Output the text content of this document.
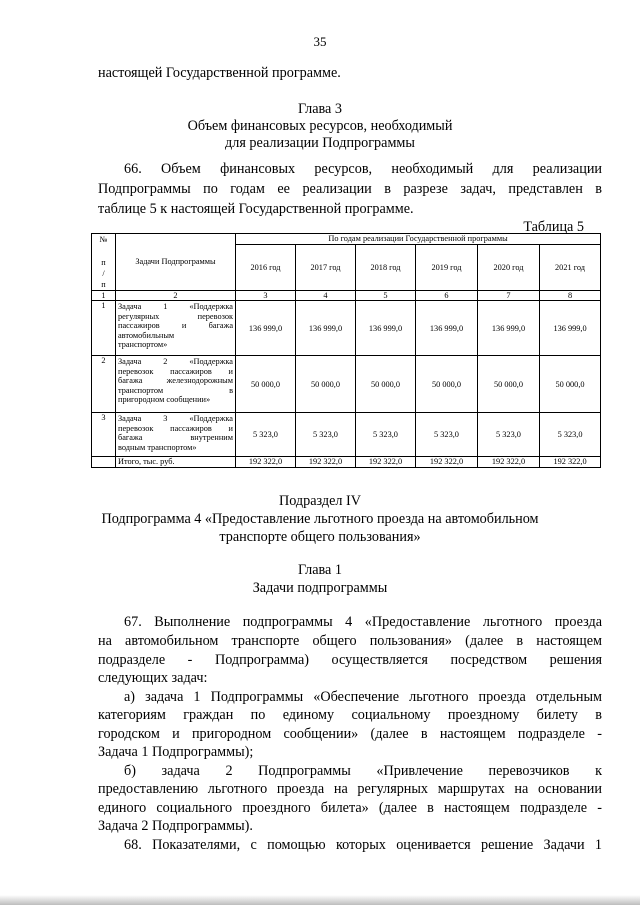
35
настоящей Государственной программе.
Глава 3
Объем финансовых ресурсов, необходимый
для реализации Подпрограммы
66. Объем финансовых ресурсов, необходимый для реализации
Подпрограммы по годам ее реализации в разрезе задач, представлен в
таблице 5 к настоящей Государственной программе.
Таблица 5
№
п
/
п	Задачи Подпрограммы	По годам реализации Государственной программы					
		2016 год	2017 год	2018 год	2019 год	2020 год	2021 год
1	2	3	4	5	6	7	8
1	Задача 1 «Поддержка
регулярных перевозок
пассажиров и багажа
автомобильным
транспортом»	136 999,0	136 999,0	136 999,0	136 999,0	136 999,0	136 999,0
2	Задача 2 «Поддержка
перевозок пассажиров и
багажа железнодорожным
транспортом в
пригородном сообщении»	50 000,0	50 000,0	50 000,0	50 000,0	50 000,0	50 000,0
3	Задача 3 «Поддержка
перевозок пассажиров и
багажа внутренним
водным транспортом»	5 323,0	5 323,0	5 323,0	5 323,0	5 323,0	5 323,0
	Итого, тыс. руб.	192 322,0	192 322,0	192 322,0	192 322,0	192 322,0	192 322,0
Подраздел IV
Подпрограмма 4 «Предоставление льготного проезда на автомобильном
транспорте общего пользования»
Глава 1
Задачи подпрограммы
67. Выполнение подпрограммы 4 «Предоставление льготного проезда
на автомобильном транспорте общего пользования» (далее в настоящем
подразделе - Подпрограмма) осуществляется посредством решения
следующих задач:
а) задача 1 Подпрограммы «Обеспечение льготного проезда отдельным
категориям граждан по единому социальному проездному билету в
городском и пригородном сообщении» (далее в настоящем подразделе -
Задача 1 Подпрограммы);
б) задача 2 Подпрограммы «Привлечение перевозчиков к
предоставлению льготного проезда на регулярных маршрутах на основании
единого социального проездного билета» (далее в настоящем подразделе -
Задача 2 Подпрограммы).
68. Показателями, с помощью которых оценивается решение Задачи 1
